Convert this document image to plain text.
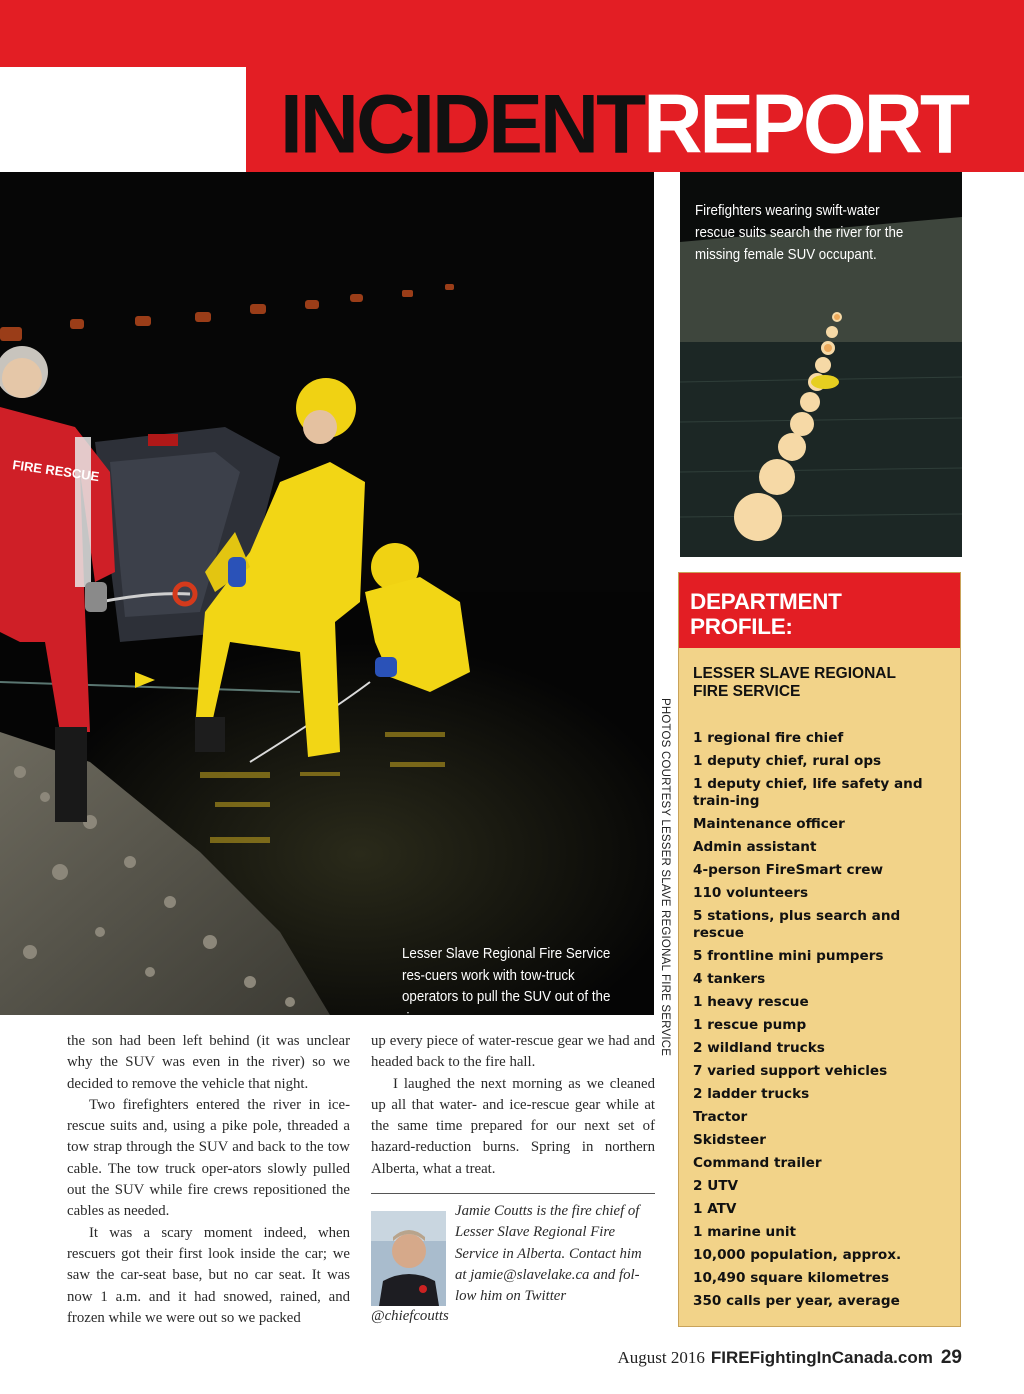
INCIDENTREPORT
FIRE RESCUE

Lesser Slave Regional Fire Service res-cuers work with tow-truck operators to pull the SUV out of the river.	PHOTOS COURTESY LESSER SLAVE REGIONAL FIRE SERVICE

Firefighters wearing swift-water rescue suits search the river for the missing female SUV occupant.

DEPARTMENT
PROFILE:

LESSER SLAVE REGIONAL
FIRE SERVICE

1 regional fire chief
1 deputy chief, rural ops
1 deputy chief, life safety and train-ing
Maintenance officer
Admin assistant
4-person FireSmart crew
110 volunteers
5 stations, plus search and rescue
5 frontline mini pumpers
4 tankers
1 heavy rescue
1 rescue pump
2 wildland trucks
7 varied support vehicles
2 ladder trucks
Tractor
Skidsteer
Command trailer
2 UTV
1 ATV
1 marine unit
10,000 population, approx.
10,490 square kilometres
350 calls per year, average

the son had been left behind (it was unclear why the SUV was even in the river) so we decided to remove the vehicle that night.

Two firefighters entered the river in ice-rescue suits and, using a pike pole, threaded a tow strap through the SUV and back to the tow cable. The tow truck oper-ators slowly pulled out the SUV while fire crews repositioned the cables as needed.

It was a scary moment indeed, when rescuers got their first look inside the car; we saw the car-seat base, but no car seat. It was now 1 a.m. and it had snowed, rained, and frozen while we were out so we packed

up every piece of water-rescue gear we had and headed back to the fire hall.

I laughed the next morning as we cleaned up all that water- and ice-rescue gear while at the same time prepared for our next set of hazard-reduction burns. Spring in northern Alberta, what a treat.

Jamie Coutts is the fire chief of Lesser Slave Regional Fire Service in Alberta. Contact him at jamie@slavelake.ca and fol-low him on Twitter

@chiefcoutts

August 2016 FIREFightingInCanada.com 29
